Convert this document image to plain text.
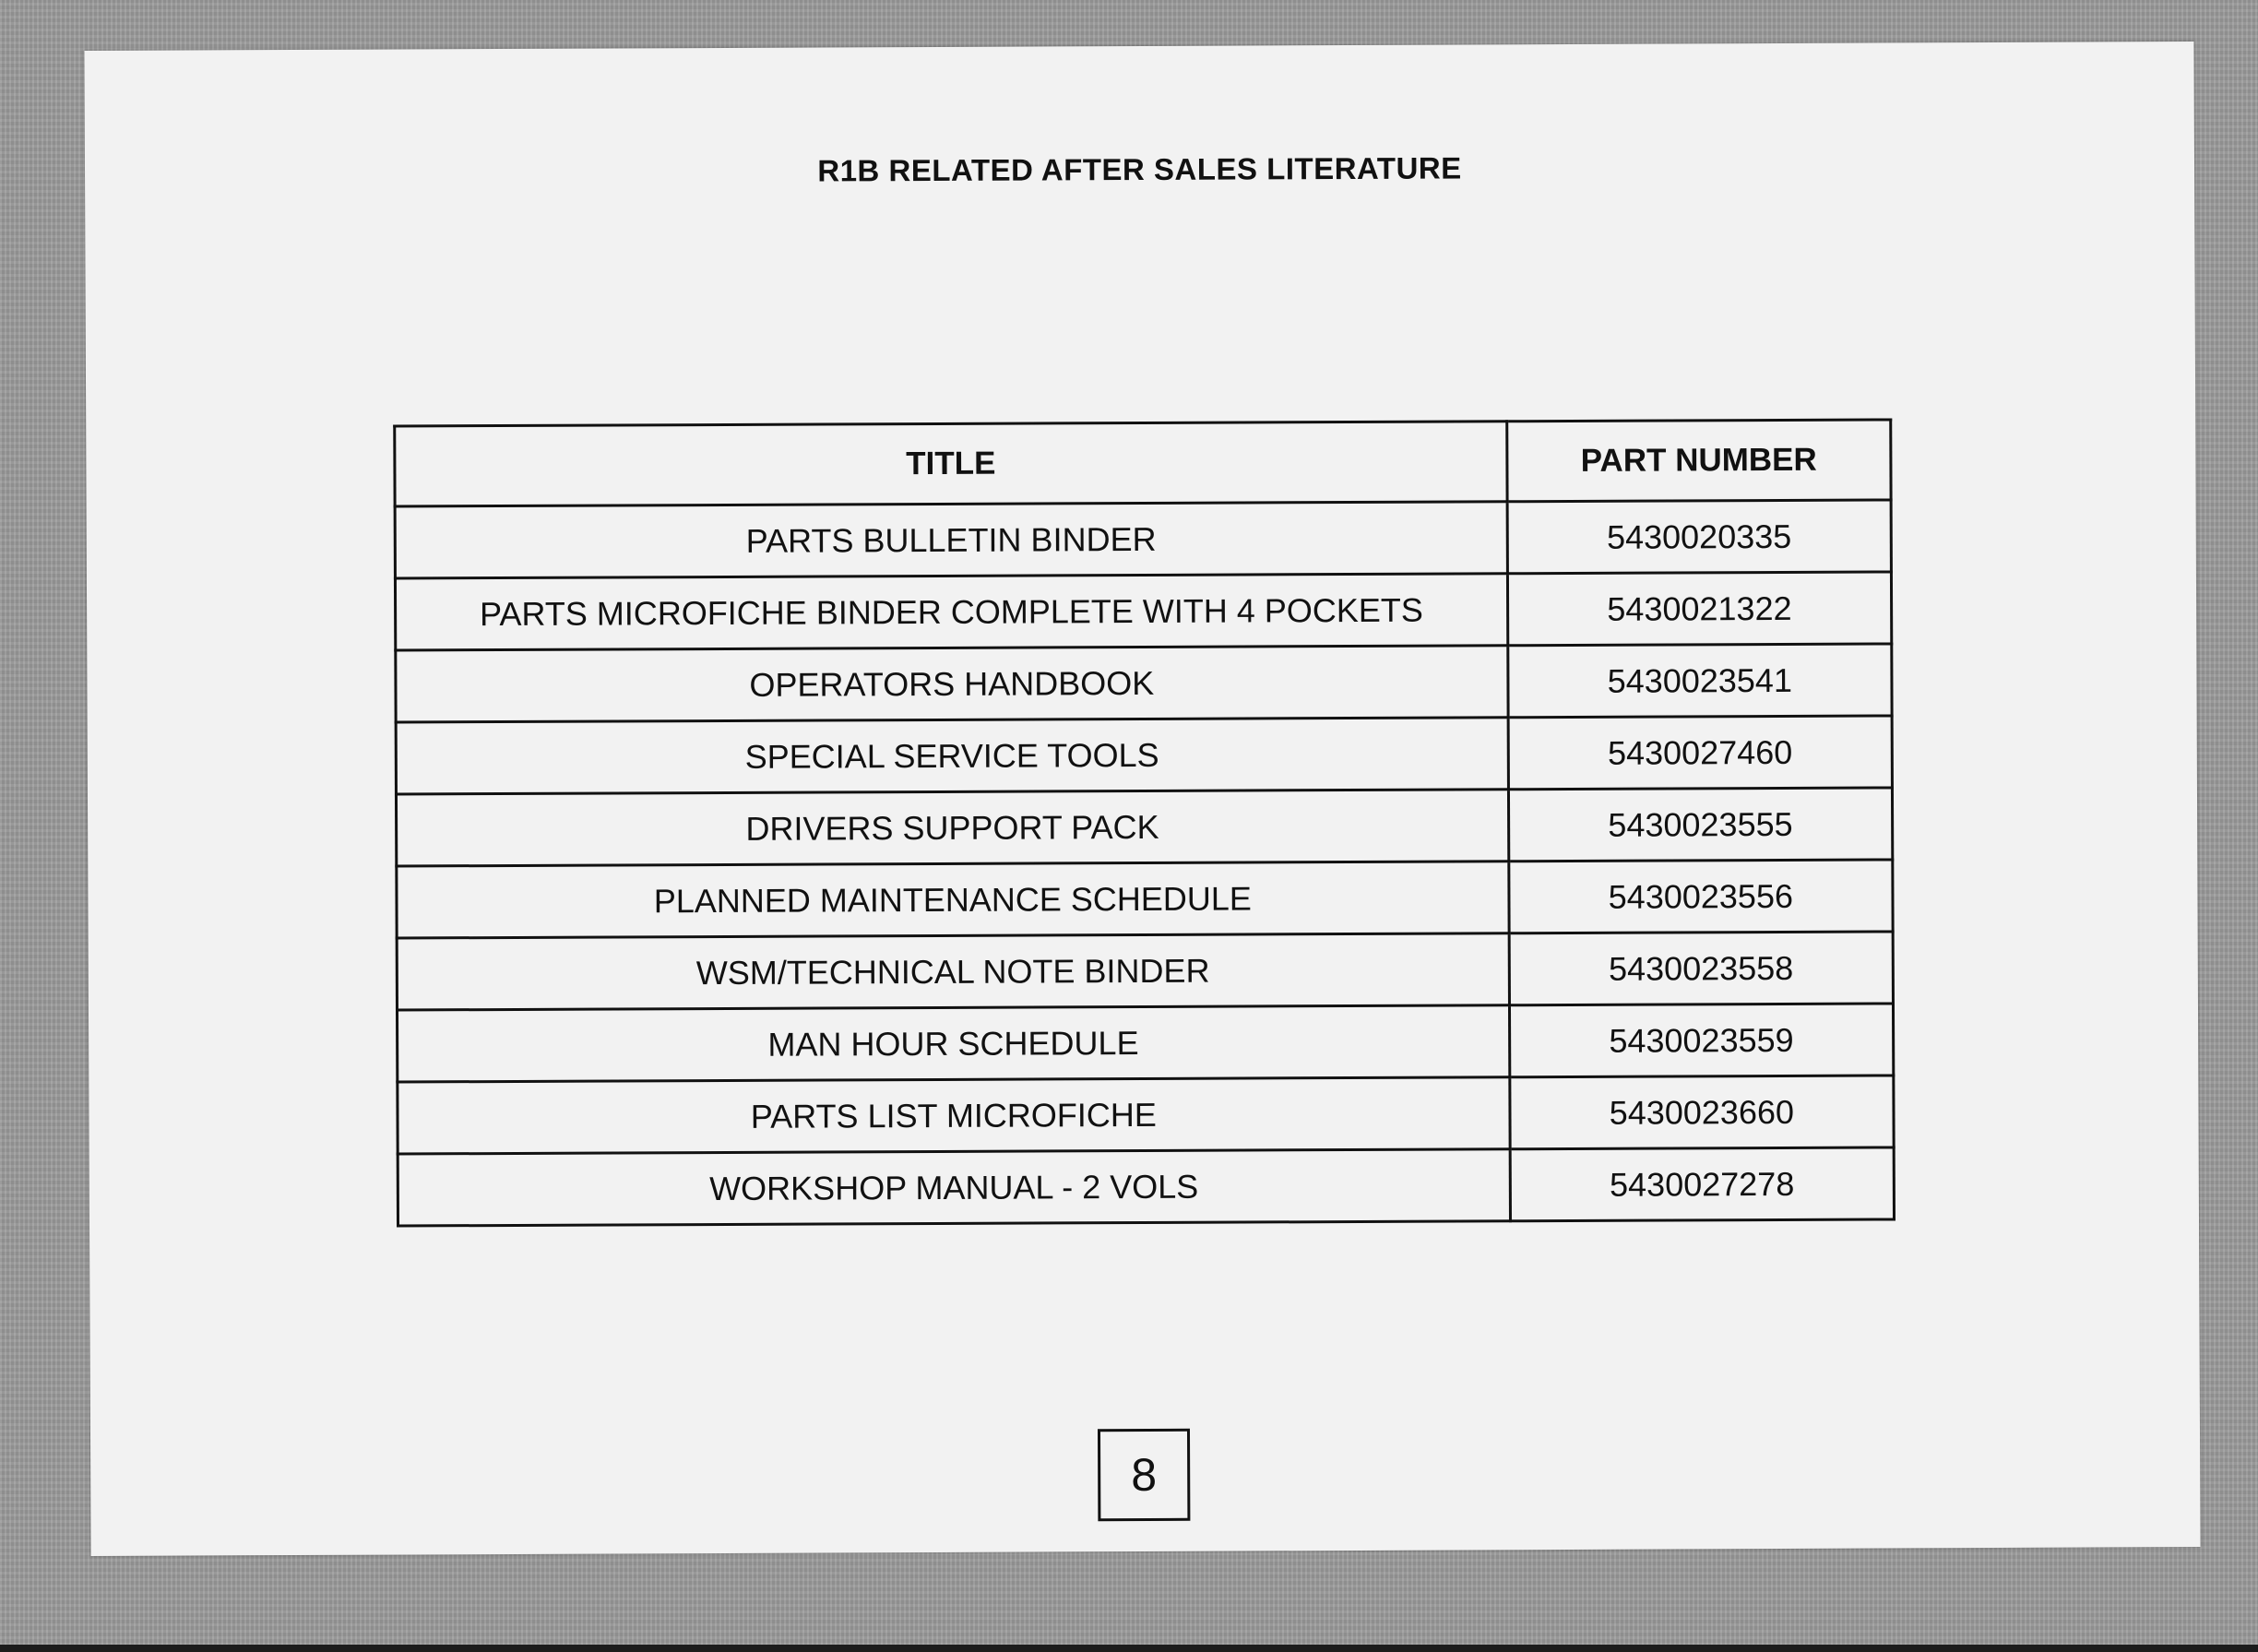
R1B RELATED AFTER SALES LITERATURE
TITLE	PART NUMBER
PARTS BULLETIN BINDER	5430020335
PARTS MICROFICHE BINDER COMPLETE WITH 4 POCKETS	5430021322
OPERATORS HANDBOOK	5430023541
SPECIAL SERVICE TOOLS	5430027460
DRIVERS SUPPORT PACK	5430023555
PLANNED MAINTENANCE SCHEDULE	5430023556
WSM/TECHNICAL NOTE BINDER	5430023558
MAN HOUR SCHEDULE	5430023559
PARTS LIST MICROFICHE	5430023660
WORKSHOP MANUAL - 2 VOLS	5430027278
8
